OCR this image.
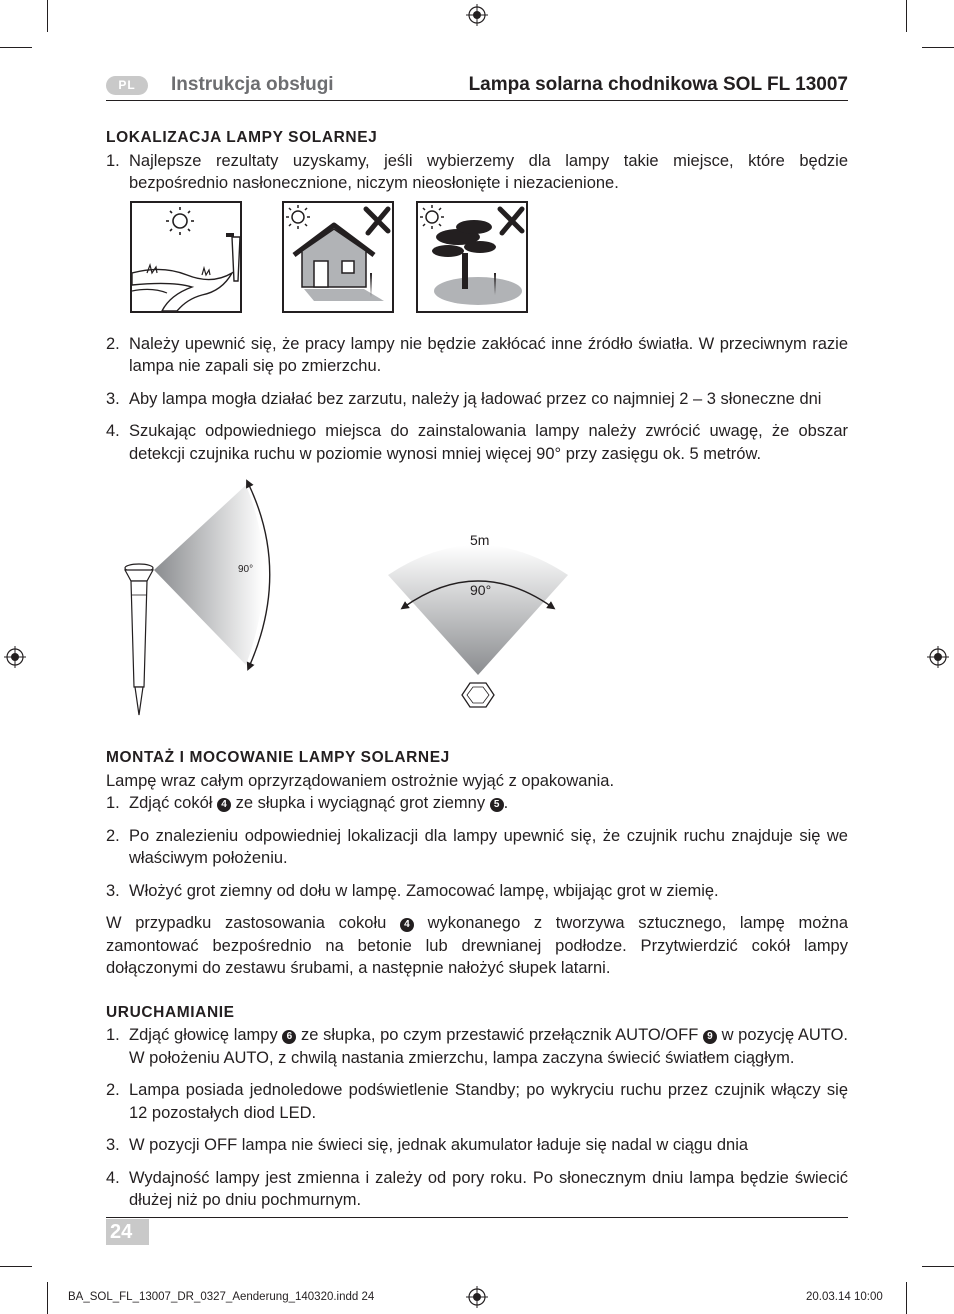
PL	Instrukcja obsługi	Lampa solarna chodnikowa SOL FL 13007

LOKALIZACJA LAMPY SOLARNEJ

1. Najlepsze rezultaty uzyskamy, jeśli wybierzemy dla lampy takie miejsce, które będzie bezpośrednio nasłonecznione, niczym nieosłonięte i niezacienione.
2. Należy upewnić się, że pracy lampy nie będzie zakłócać inne źródło światła. W przeciwnym razie lampa nie zapali się po zmierzchu.
3. Aby lampa mogła działać bez zarzutu, należy ją ładować przez co najmniej 2 – 3 słoneczne dni
4. Szukając odpowiedniego miejsca do zainstalowania lampy należy zwrócić uwagę, że obszar detekcji czujnika ruchu w poziomie wynosi mniej więcej 90° przy zasięgu ok. 5 metrów.
90°
5m
90°

MONTAŻ I MOCOWANIE LAMPY SOLARNEJ

Lampę wraz całym oprzyrządowaniem ostrożnie wyjąć z opakowania.

1. Zdjąć cokół 4 ze słupka i wyciągnąć grot ziemny 5 .
2. Po znalezieniu odpowiedniej lokalizacji dla lampy upewnić się, że czujnik ruchu znajduje się we właściwym położeniu.
3. Włożyć grot ziemny od dołu w lampę. Zamocować lampę, wbijając grot w ziemię.

W przypadku zastosowania cokołu 4 wykonanego z tworzywa sztucznego, lampę można zamontować bezpośrednio na betonie lub drewnianej podłodze. Przytwierdzić cokół lampy dołączonymi do zestawu śrubami, a następnie nałożyć słupek latarni.

URUCHAMIANIE

1. Zdjąć głowicę lampy 6 ze słupka, po czym przestawić przełącznik AUTO/OFF 9 w pozycję AUTO. W położeniu AUTO, z chwilą nastania zmierzchu, lampa zaczyna świecić światłem ciągłym.
2. Lampa posiada jednoledowe podświetlenie Standby; po wykryciu ruchu przez czujnik włączy się 12 pozostałych diod LED.
3. W pozycji OFF lampa nie świeci się, jednak akumulator ładuje się nadal w ciągu dnia
4. Wydajność lampy jest zmienna i zależy od pory roku. Po słonecznym dniu lampa będzie świecić dłużej niż po dniu pochmurnym.
24
BA_SOL_FL_13007_DR_0327_Aenderung_140320.indd 24	20.03.14 10:00
